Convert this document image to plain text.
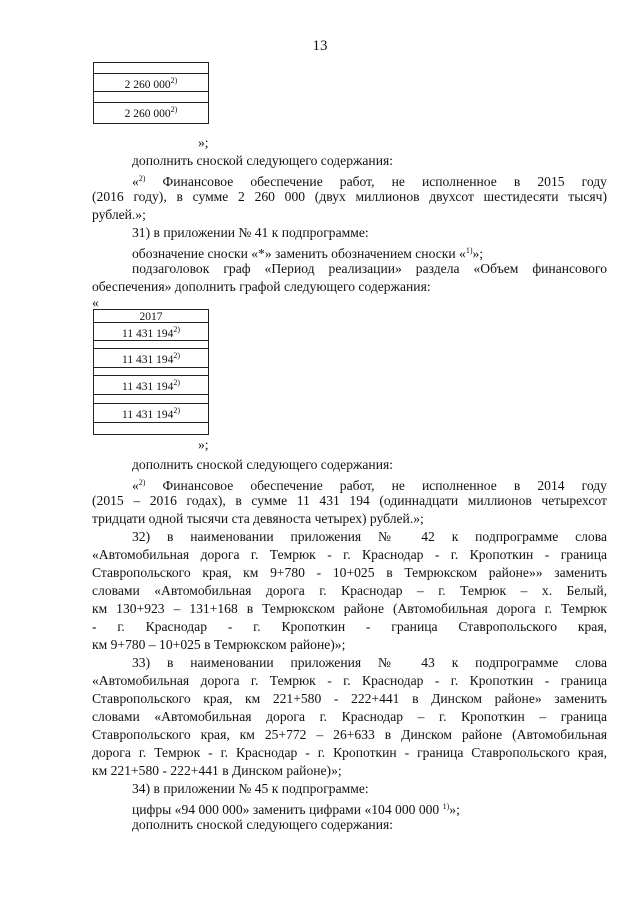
13
2 260 000$^{2)}$
2 260 000$^{2)}$
»;
дополнить сноской следующего содержания:
«$^{2)}$ Финансовое обеспечение работ, не исполненное в 2015 году
(2016 году), в сумме 2 260 000 (двух миллионов двухсот шестидесяти тысяч)
рублей.»;
31) в приложении № 41 к подпрограмме:
обозначение сноски «*» заменить обозначением сноски «$^{1)}$»;
подзаголовок граф «Период реализации» раздела «Объем финансового
обеспечения» дополнить графой следующего содержания:
«
2017
11 431 194$^{2)}$
11 431 194$^{2)}$
11 431 194$^{2)}$
11 431 194$^{2)}$
»;
дополнить сноской следующего содержания:
«$^{2)}$ Финансовое обеспечение работ, не исполненное в 2014 году
(2015 – 2016 годах), в сумме 11 431 194 (одиннадцати миллионов четырехсот
тридцати одной тысячи ста девяноста четырех) рублей.»;
32) в наименовании приложения № 42 к подпрограмме слова
«Автомобильная дорога г. Темрюк - г. Краснодар - г. Кропоткин - граница
Ставропольского края, км 9+780 - 10+025 в Темрюкском районе»» заменить
словами «Автомобильная дорога г. Краснодар – г. Темрюк – х. Белый,
км 130+923 – 131+168 в Темрюкском районе (Автомобильная дорога г. Темрюк
- г. Краснодар - г. Кропоткин - граница Ставропольского края,
км 9+780 – 10+025 в Темрюкском районе)»;
33) в наименовании приложения № 43 к подпрограмме слова
«Автомобильная дорога г. Темрюк - г. Краснодар - г. Кропоткин - граница
Ставропольского края, км 221+580 - 222+441 в Динском районе» заменить
словами «Автомобильная дорога г. Краснодар – г. Кропоткин – граница
Ставропольского края, км 25+772 – 26+633 в Динском районе (Автомобильная
дорога г. Темрюк - г. Краснодар - г. Кропоткин - граница Ставропольского края,
км 221+580 - 222+441 в Динском районе)»;
34) в приложении № 45 к подпрограмме:
цифры «94 000 000» заменить цифрами «104 000 000 $^{1)}$»;
дополнить сноской следующего содержания:
